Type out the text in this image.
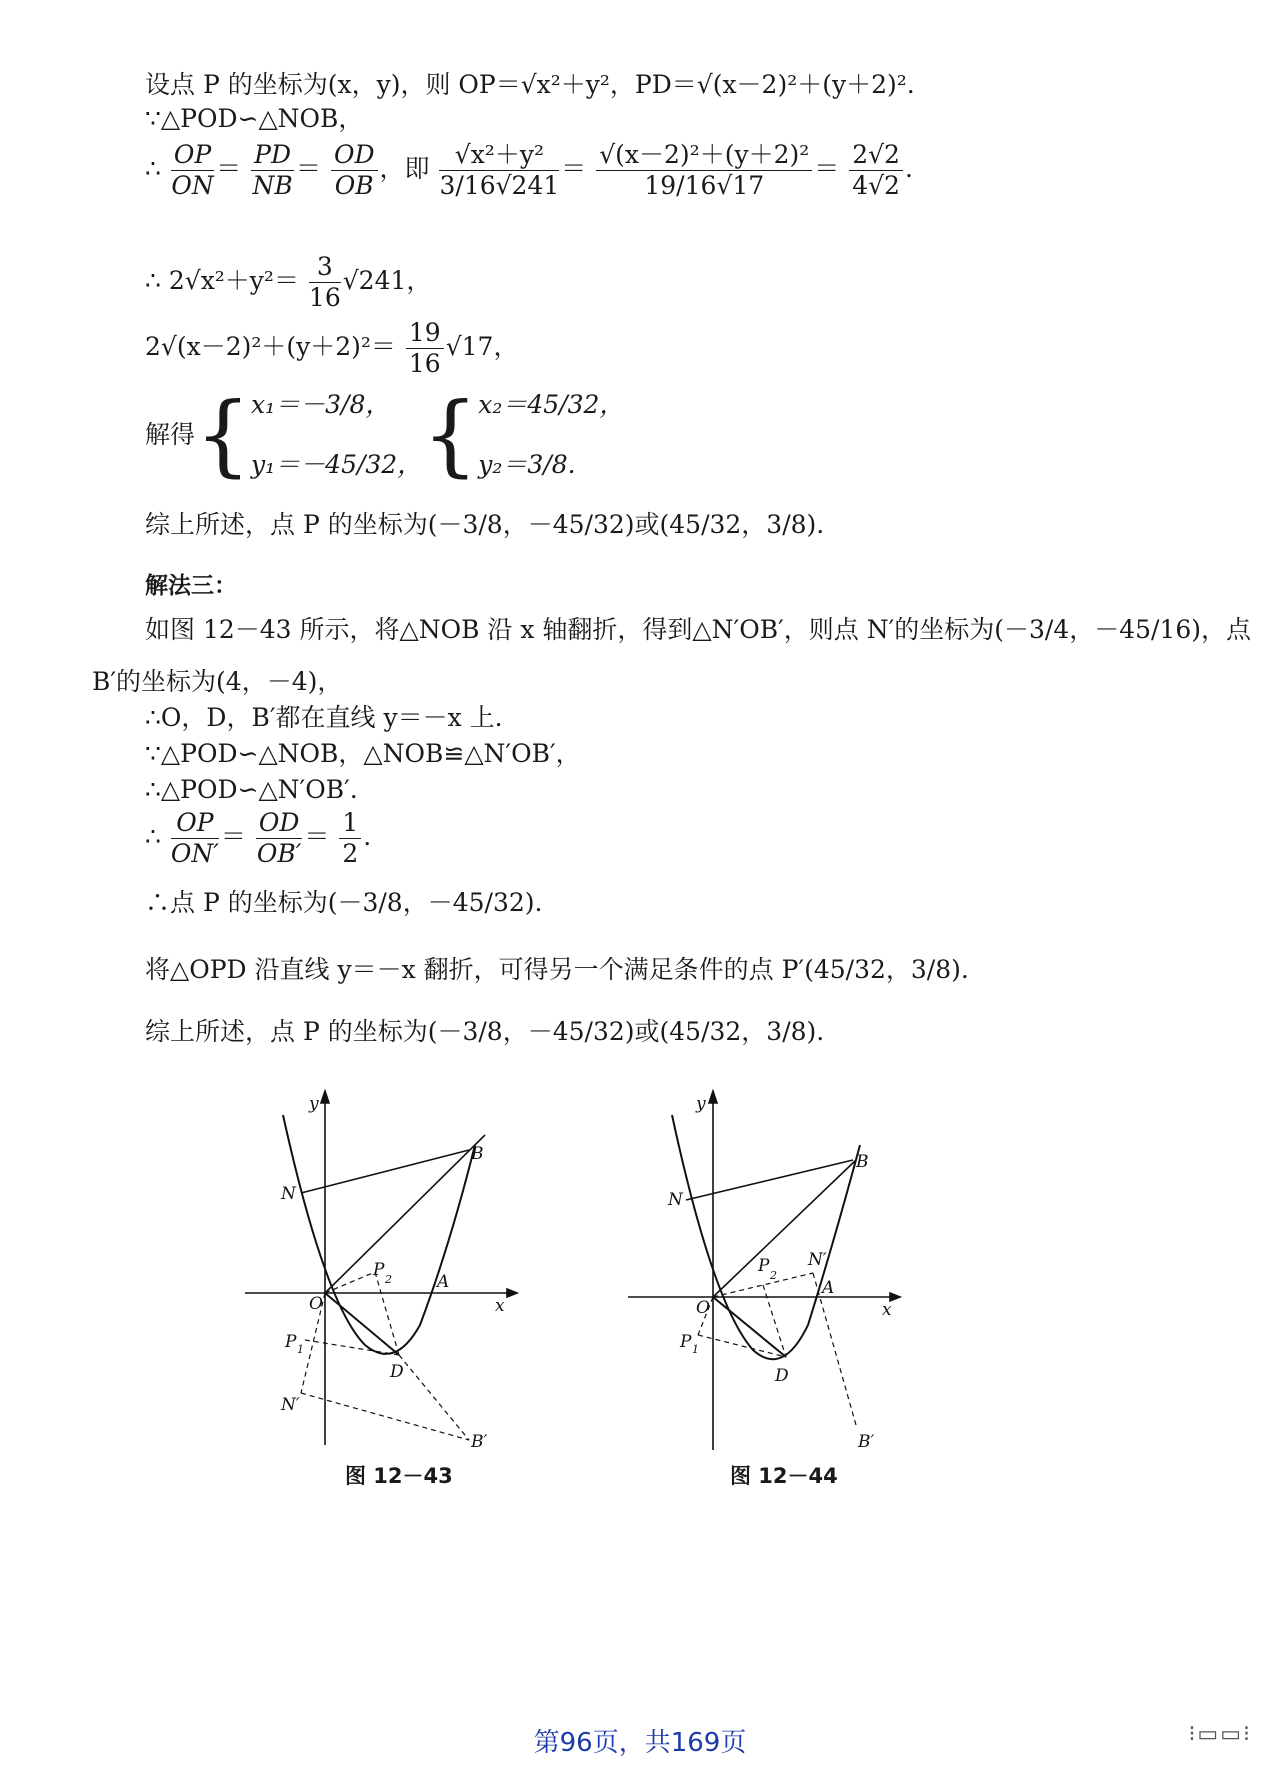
设点 P 的坐标为(x，y)，则 OP＝√x²＋y²，PD＝√(x－2)²＋(y＋2)².
∵△POD∽△NOB，
∴ $\frac{OP}{ON} = \frac{PD}{NB} = \frac{OD}{OB}$ ，即 $\frac{\text{√x²＋y²}}{3/16√241} = \frac{\text{√(x－2)²＋(y＋2)²}}{19/16√17} = \frac{2√2}{4√2}$ .
∴ $2√x^2+y^2= \frac{3}{16} √241$，
$2√(x-2)^2+(y+2)^2= \frac{19}{16} √17$，
解得{ x₁＝－3/8，
y₁＝－45/32， { x₂＝45/32，
y₂＝3/8.
综上所述，点 P 的坐标为(－3/8，－45/32)或(45/32，3/8).
解法三：
如图 12－43 所示，将△NOB 沿 x 轴翻折，得到△N′OB′，则点 N′的坐标为(－3/4，－45/16)，点
B′的坐标为(4，－4)，
∴O，D，B′都在直线 y＝－x 上.
∵△POD∽△NOB，△NOB≌△N′OB′，
∴△POD∽△N′OB′.
∴ $\frac{OP}{ON'} = \frac{OD}{OB'} = \frac{1}{2}$ .
∴点 P 的坐标为(－3/8，－45/32).
将△OPD 沿直线 y＝－x 翻折，可得另一个满足条件的点 P′(45/32，3/8).
综上所述，点 P 的坐标为(－3/8，－45/32)或(45/32，3/8).
y
x
N
B
O
A
D
P 2
P 1
N′
B′
图 12－43
y
x
N
B
O
A
D
P 2
N′
P 1
B′
图 12－44
第96页，共169页	⁝▭▭⁝
